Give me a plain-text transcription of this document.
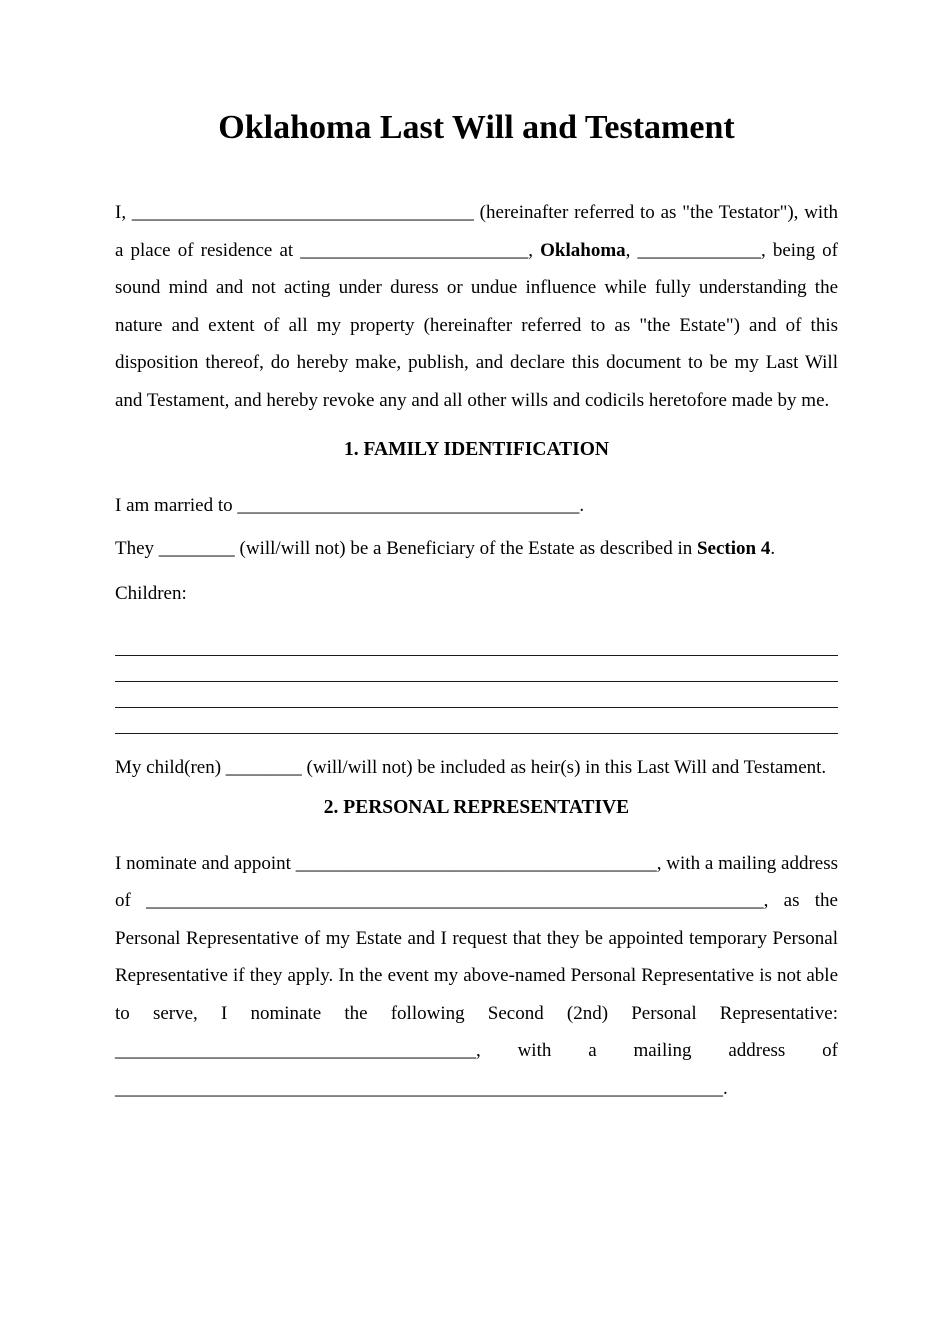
Oklahoma Last Will and Testament

I, ____________________________________ (hereinafter referred to as "the Testator"), with a place of residence at ________________________, Oklahoma, _____________, being of sound mind and not acting under duress or undue influence while fully understanding the nature and extent of all my property (hereinafter referred to as "the Estate") and of this disposition thereof, do hereby make, publish, and declare this document to be my Last Will and Testament, and hereby revoke any and all other wills and codicils heretofore made by me.

1. FAMILY IDENTIFICATION

I am married to ____________________________________.

They ________ (will/will not) be a Beneficiary of the Estate as described in Section 4.

Children:

My child(ren) ________ (will/will not) be included as heir(s) in this Last Will and Testament.

2. PERSONAL REPRESENTATIVE

I nominate and appoint ______________________________________, with a mailing address of _________________________________________________________________, as the Personal Representative of my Estate and I request that they be appointed temporary Personal Representative if they apply. In the event my above-named Personal Representative is not able to serve, I nominate the following Second (2nd) Personal Representative: ______________________________________, with a mailing address of ________________________________________________________________.
